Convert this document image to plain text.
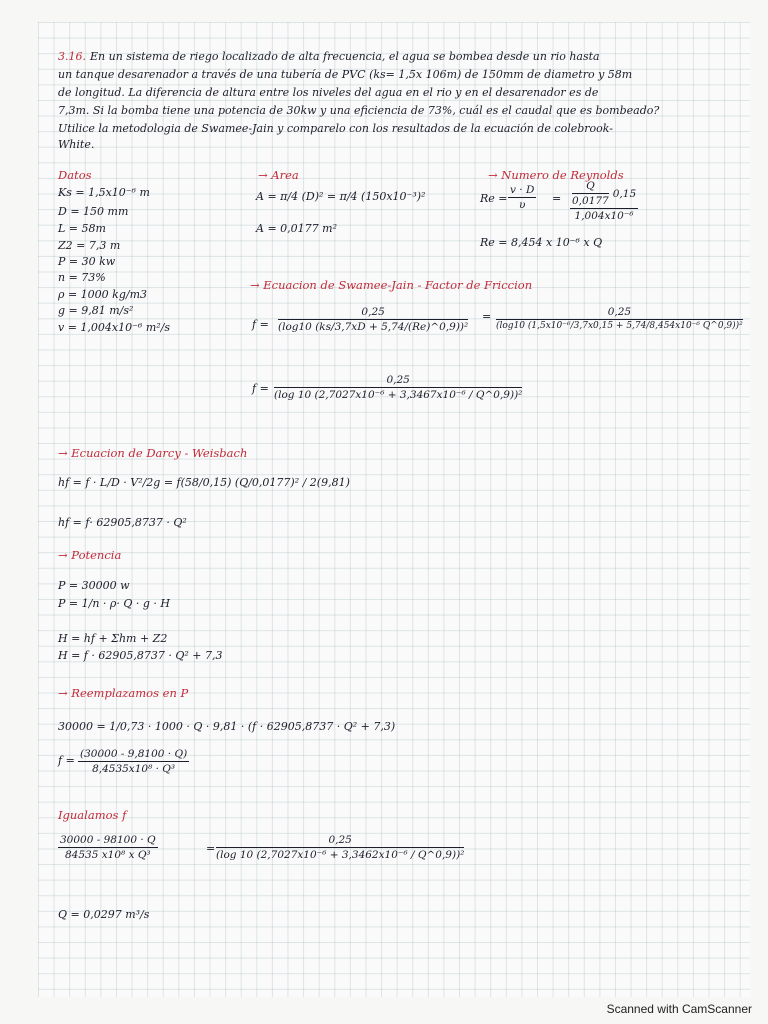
3.16. En un sistema de riego localizado de alta frecuencia, el agua se bombea desde un rio hasta
un tanque desarenador a través de una tubería de PVC (ks= 1,5x 106m) de 150mm de diametro y 58m
de longitud. La diferencia de altura entre los niveles del agua en el rio y en el desarenador es de
7,3m. Si la bomba tiene una potencia de 30kw y una eficiencia de 73%, cuál es el caudal que es bombeado?
Utilice la metodologia de Swamee-Jain y comparelo con los resultados de la ecuación de colebrook-
White.
Datos
Ks = 1,5x10⁻⁶ m
D = 150 mm
L = 58m
Z2 = 7,3 m
P = 30 kw
n = 73%
ρ = 1000 kg/m3
g = 9,81 m/s²
v = 1,004x10⁻⁶ m²/s
→ Area
A = π/4 (D)² = π/4 (150x10⁻³)²
A = 0,0177 m²
→ Numero de Reynolds
Re =
v · D
$\upsilon = \frac{Q}{0,0177} 0,15$
1,004x10⁻⁶
Re = 8,454 x 10⁻⁶ x Q
→ Ecuacion de Swamee-Jain - Factor de Friccion
f =
0,25
(log10 (ks/3,7xD + 5,74/(Re)^0,9))²
=	0,25
(log10 (1,5x10⁻⁶/3,7x0,15 + 5,74/8,454x10⁻⁶ Q^0,9))²
f =
0,25
(log 10 (2,7027x10⁻⁶ + 3,3467x10⁻⁶ / Q^0,9))²
→ Ecuacion de Darcy - Weisbach
hf = f · L/D · V²/2g = f(58/0,15) (Q/0,0177)² / 2(9,81)
hf = f· 62905,8737 · Q²
→ Potencia
P = 30000 w
P = 1/n · ρ· Q · g · H
H = hf + Σhm + Z2
H = f · 62905,8737 · Q² + 7,3
→ Reemplazamos en P
30000 = 1/0,73 · 1000 · Q · 9,81 · (f · 62905,8737 · Q² + 7,3)
f = (30000 - 9,8100 · Q)
8,4535x10⁸ · Q³
Igualamos f
30000 - 98100 · Q
84535 x10⁸ x Q³	=
0,25
(log 10 (2,7027x10⁻⁶ + 3,3462x10⁻⁶ / Q^0,9))²
Q = 0,0297 m³/s
Scanned with CamScanner
